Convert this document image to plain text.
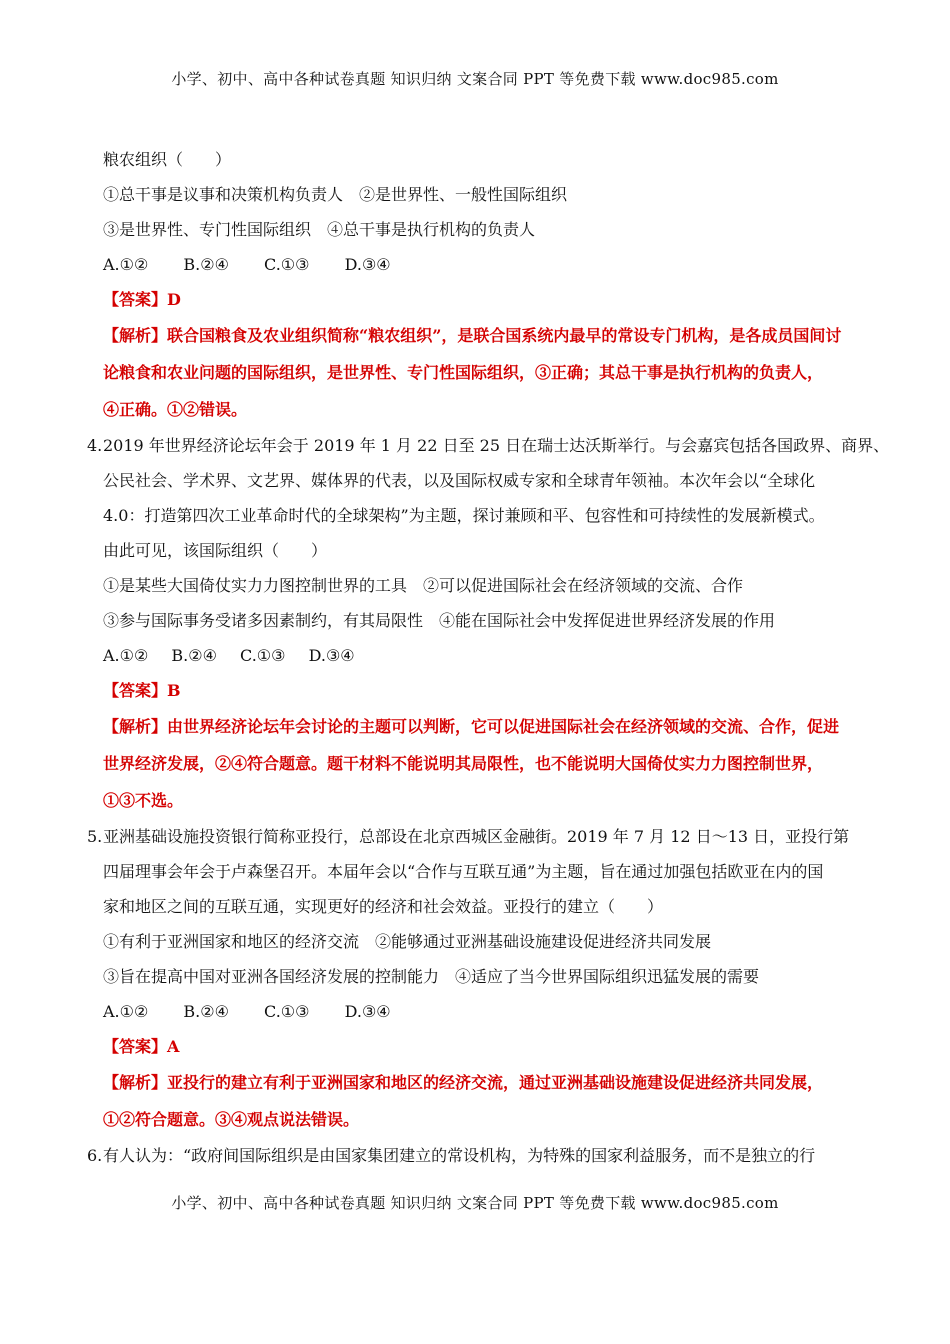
小学、初中、高中各种试卷真题 知识归纳 文案合同 PPT 等免费下载 www.doc985.com
粮农组织（　　）
①总干事是议事和决策机构负责人　②是世界性、一般性国际组织
③是世界性、专门性国际组织　④总干事是执行机构的负责人
A.①② B.②④ C.①③ D.③④
【答案】D
【解析】联合国粮食及农业组织简称“粮农组织”，是联合国系统内最早的常设专门机构，是各成员国间讨
论粮食和农业问题的国际组织，是世界性、专门性国际组织，③正确；其总干事是执行机构的负责人，
④正确。①②错误。
4. 2019 年世界经济论坛年会于 2019 年 1 月 22 日至 25 日在瑞士达沃斯举行。与会嘉宾包括各国政界、商界、
公民社会、学术界、文艺界、媒体界的代表，以及国际权威专家和全球青年领袖。本次年会以“全球化
4.0：打造第四次工业革命时代的全球架构”为主题，探讨兼顾和平、包容性和可持续性的发展新模式。
由此可见，该国际组织（　　）
①是某些大国倚仗实力力图控制世界的工具　②可以促进国际社会在经济领域的交流、合作
③参与国际事务受诸多因素制约，有其局限性　④能在国际社会中发挥促进世界经济发展的作用
A.①② B.②④ C.①③ D.③④
【答案】B
【解析】由世界经济论坛年会讨论的主题可以判断，它可以促进国际社会在经济领域的交流、合作，促进
世界经济发展，②④符合题意。题干材料不能说明其局限性，也不能说明大国倚仗实力力图控制世界，
①③不选。
5. 亚洲基础设施投资银行简称亚投行，总部设在北京西城区金融街。2019 年 7 月 12 日～13 日，亚投行第
四届理事会年会于卢森堡召开。本届年会以“合作与互联互通”为主题，旨在通过加强包括欧亚在内的国
家和地区之间的互联互通，实现更好的经济和社会效益。亚投行的建立（　　）
①有利于亚洲国家和地区的经济交流　②能够通过亚洲基础设施建设促进经济共同发展
③旨在提高中国对亚洲各国经济发展的控制能力　④适应了当今世界国际组织迅猛发展的需要
A.①② B.②④ C.①③ D.③④
【答案】A
【解析】亚投行的建立有利于亚洲国家和地区的经济交流，通过亚洲基础设施建设促进经济共同发展，
①②符合题意。③④观点说法错误。
6. 有人认为：“政府间国际组织是由国家集团建立的常设机构，为特殊的国家利益服务，而不是独立的行
小学、初中、高中各种试卷真题 知识归纳 文案合同 PPT 等免费下载 www.doc985.com
